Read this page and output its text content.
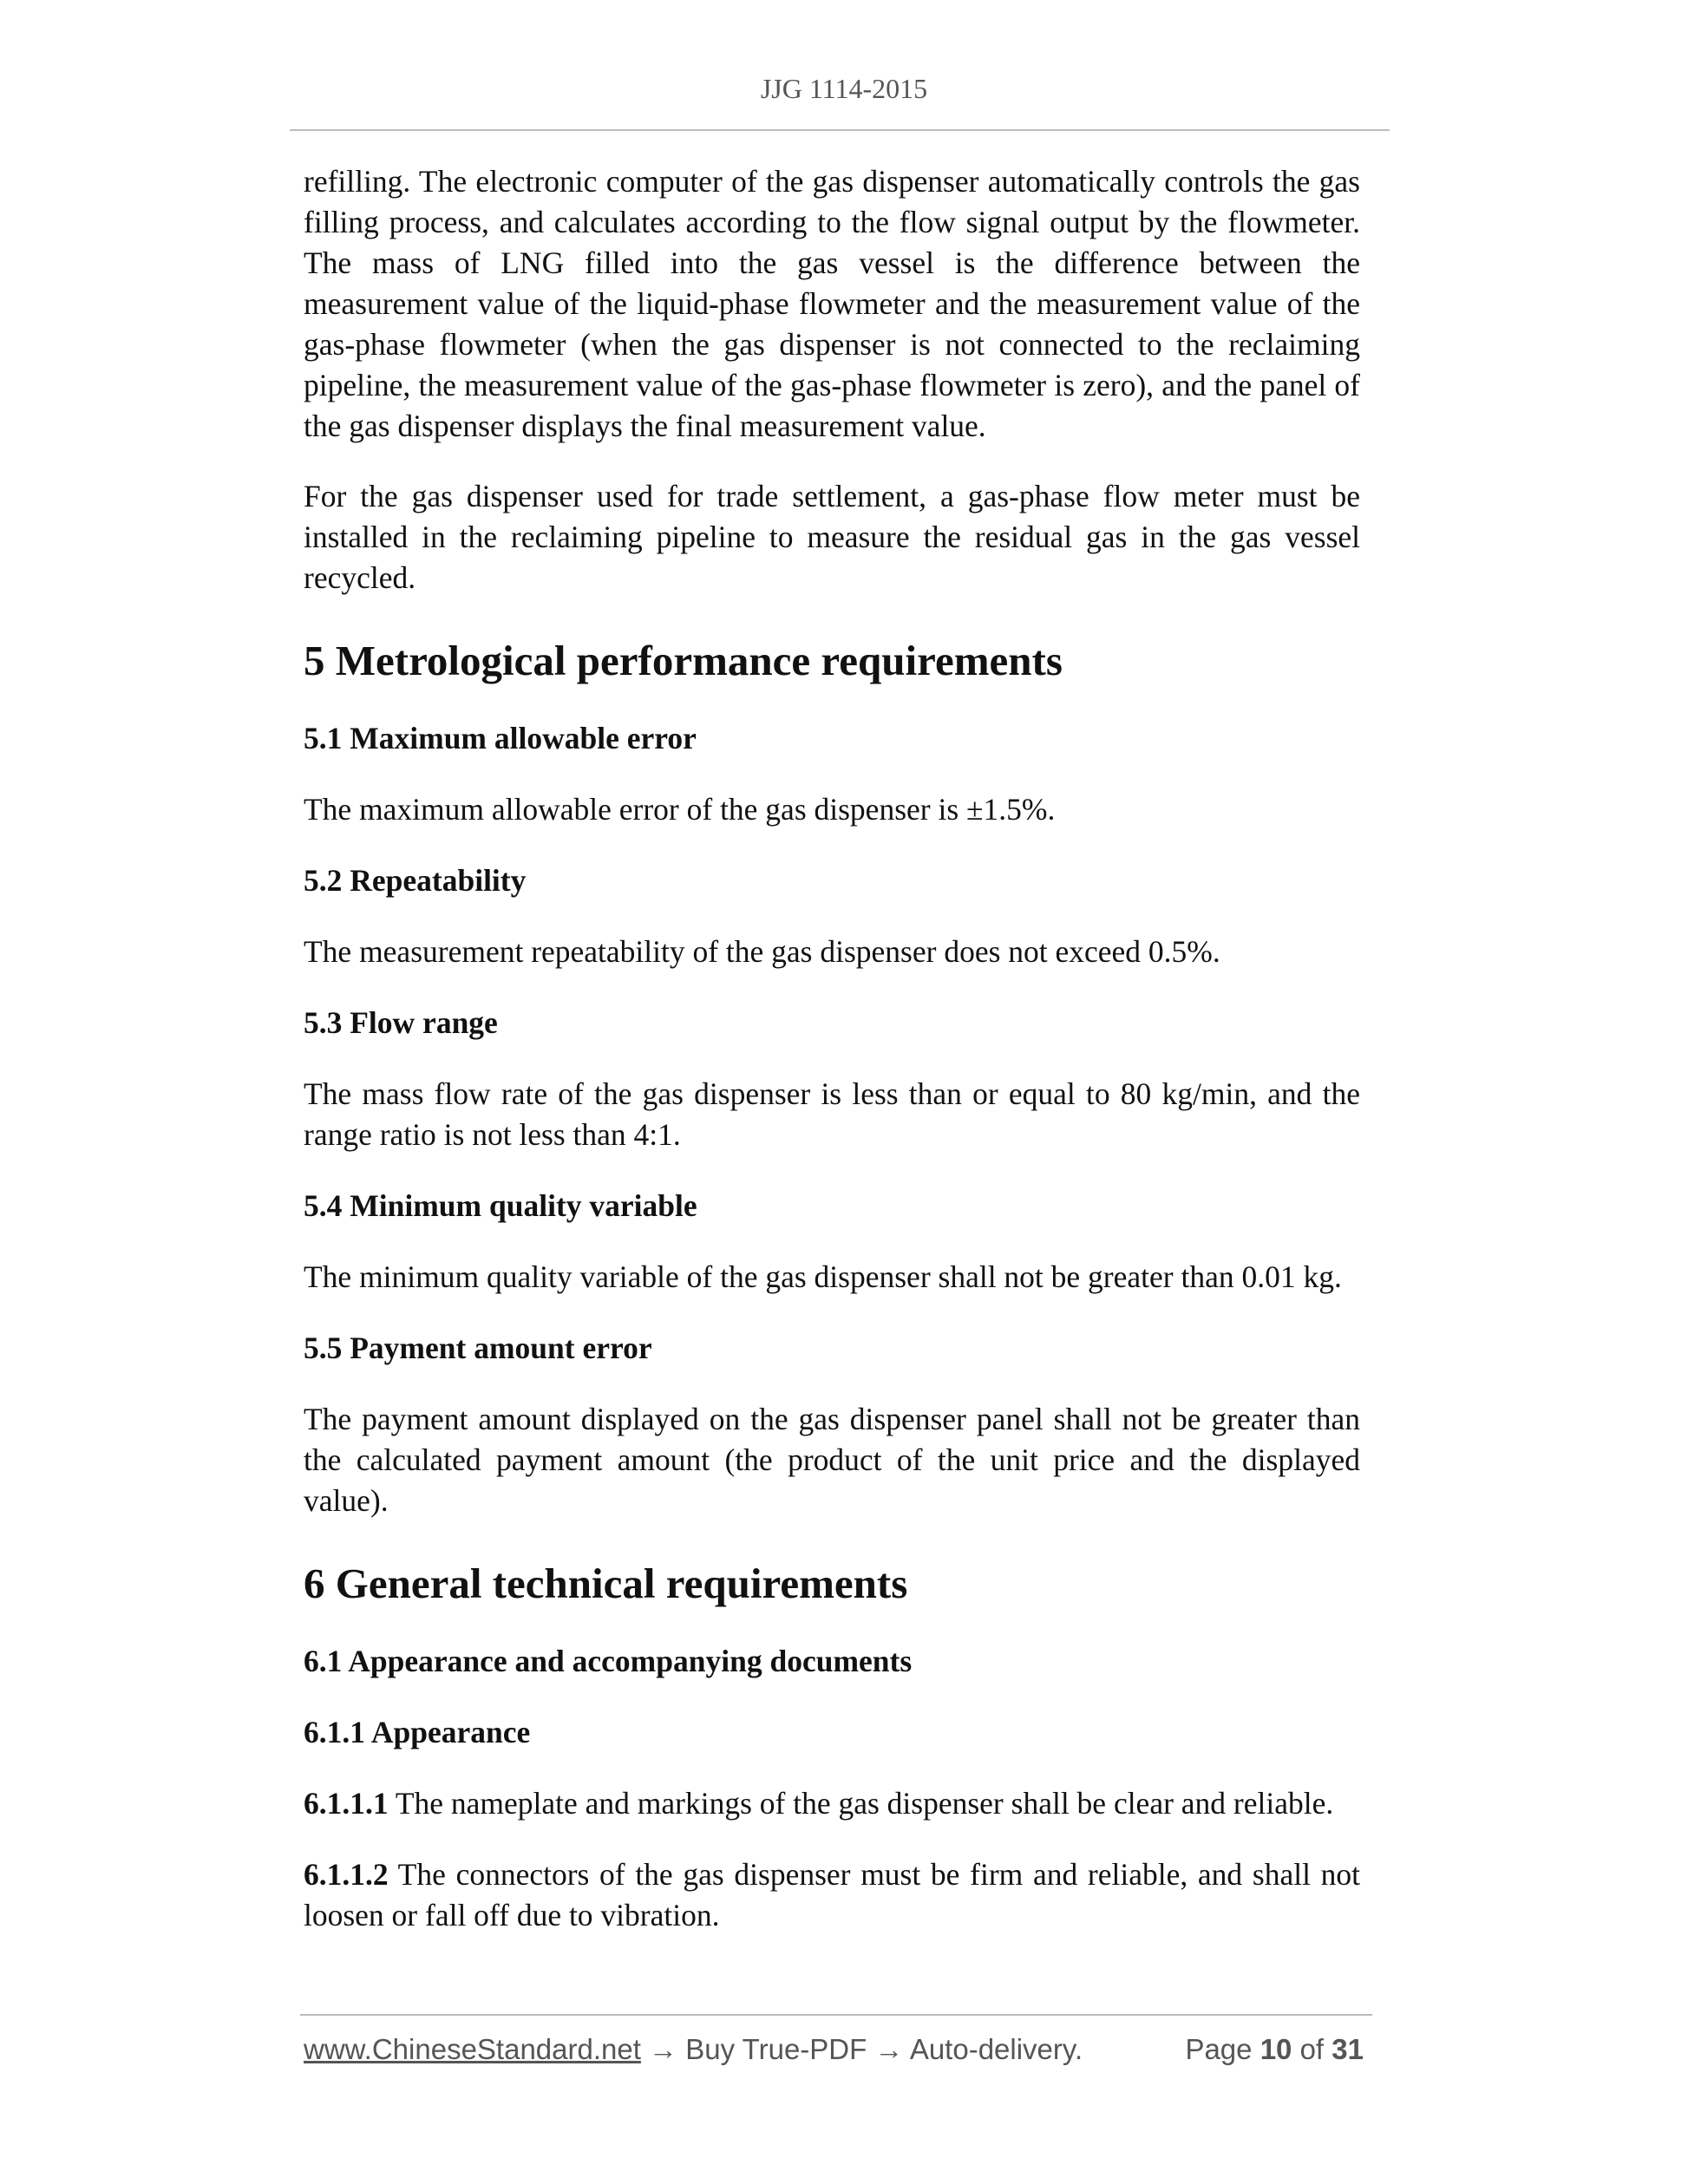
JJG 1114-2015

refilling. The electronic computer of the gas dispenser automatically controls the gas filling process, and calculates according to the flow signal output by the flowmeter. The mass of LNG filled into the gas vessel is the difference between the measurement value of the liquid-phase flowmeter and the measurement value of the gas-phase flowmeter (when the gas dispenser is not connected to the reclaiming pipeline, the measurement value of the gas-phase flowmeter is zero), and the panel of the gas dispenser displays the final measurement value.

For the gas dispenser used for trade settlement, a gas-phase flow meter must be installed in the reclaiming pipeline to measure the residual gas in the gas vessel recycled.

5 Metrological performance requirements
5.1 Maximum allowable error

The maximum allowable error of the gas dispenser is ±1.5%.

5.2 Repeatability

The measurement repeatability of the gas dispenser does not exceed 0.5%.

5.3 Flow range

The mass flow rate of the gas dispenser is less than or equal to 80 kg/min, and the range ratio is not less than 4:1.

5.4 Minimum quality variable

The minimum quality variable of the gas dispenser shall not be greater than 0.01 kg.

5.5 Payment amount error

The payment amount displayed on the gas dispenser panel shall not be greater than the calculated payment amount (the product of the unit price and the displayed value).

6 General technical requirements
6.1 Appearance and accompanying documents
6.1.1 Appearance

6.1.1.1 The nameplate and markings of the gas dispenser shall be clear and reliable.

6.1.1.2 The connectors of the gas dispenser must be firm and reliable, and shall not loosen or fall off due to vibration.

www.ChineseStandard.net → Buy True-PDF → Auto-delivery.	Page 10 of 31
